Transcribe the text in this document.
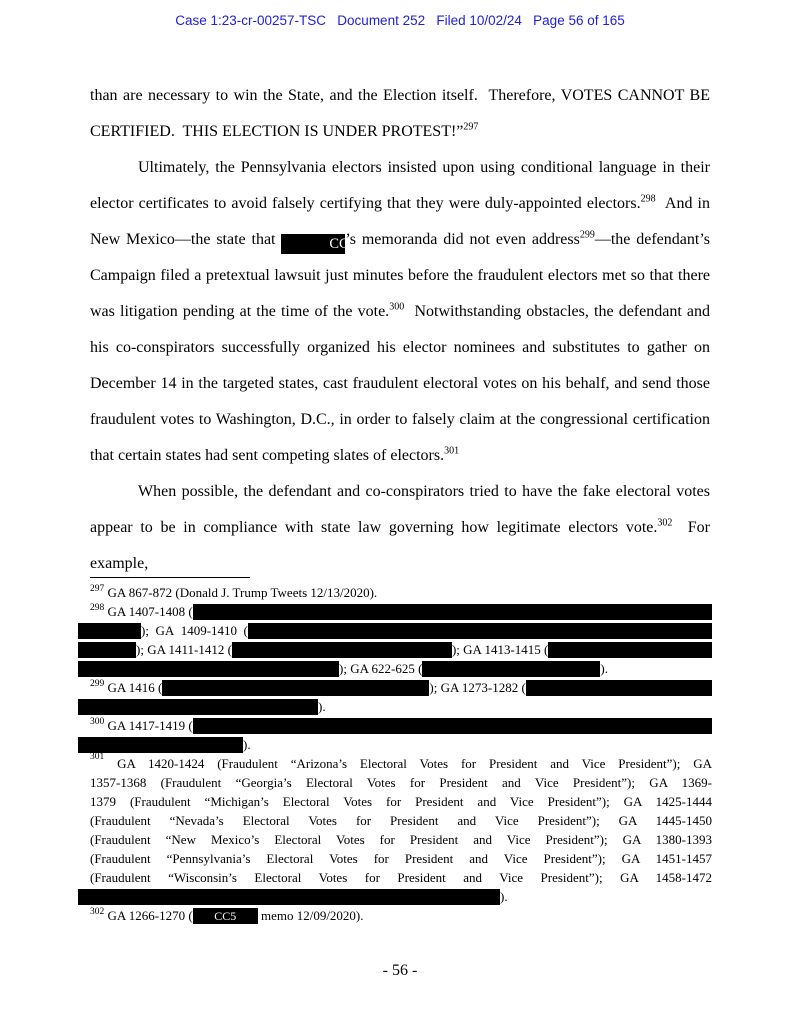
Case 1:23-cr-00257-TSC   Document 252   Filed 10/02/24   Page 56 of 165

than are necessary to win the State, and the Election itself.  Therefore, VOTES CANNOT BE CERTIFIED.  THIS ELECTION IS UNDER PROTEST!”$^{297}$

Ultimately, the Pennsylvania electors insisted upon using conditional language in their elector certificates to avoid falsely certifying that they were duly-appointed electors.$^{298}$  And in New Mexico—the state that	CC5’s memoranda did not even address$^{299}$—the defendant’s Campaign filed a pretextual lawsuit just minutes before the fraudulent electors met so that there was litigation pending at the time of the vote.$^{300}$  Notwithstanding obstacles, the defendant and his co-conspirators successfully organized his elector nominees and substitutes to gather on December 14 in the targeted states, cast fraudulent electoral votes on his behalf, and send those fraudulent votes to Washington, D.C., in order to falsely claim at the congressional certification that certain states had sent competing slates of electors.$^{301}$

When possible, the defendant and co-conspirators tried to have the fake electoral votes appear to be in compliance with state law governing how legitimate electors vote.$^{302}$  For example,

$^{297}$ GA 867-872 (Donald J. Trump Tweets 12/13/2020).
$^{298}$ GA 1407-1408 (
);  GA  1409-1410  (
); GA 1411-1412 (	); GA 1413-1415 (
); GA 622-625 (	).
$^{299}$ GA 1416 (	); GA 1273-1282 (
).
$^{300}$ GA 1417-1419 (
).
$^{301}$ GA 1420-1424 (Fraudulent “Arizona’s Electoral Votes for President and Vice President”); GA
1357-1368 (Fraudulent “Georgia’s Electoral Votes for President and Vice President”); GA 1369-
1379 (Fraudulent “Michigan’s Electoral Votes for President and Vice President”); GA 1425-1444
(Fraudulent “Nevada’s Electoral Votes for President and Vice President”); GA 1445-1450
(Fraudulent “New Mexico’s Electoral Votes for President and Vice President”); GA 1380-1393
(Fraudulent “Pennsylvania’s Electoral Votes for President and Vice President”); GA 1451-1457
(Fraudulent “Wisconsin’s Electoral Votes for President and Vice President”); GA 1458-1472
).
$^{302}$ GA 1266-1270 (	CC5	memo 12/09/2020).
- 56 -
